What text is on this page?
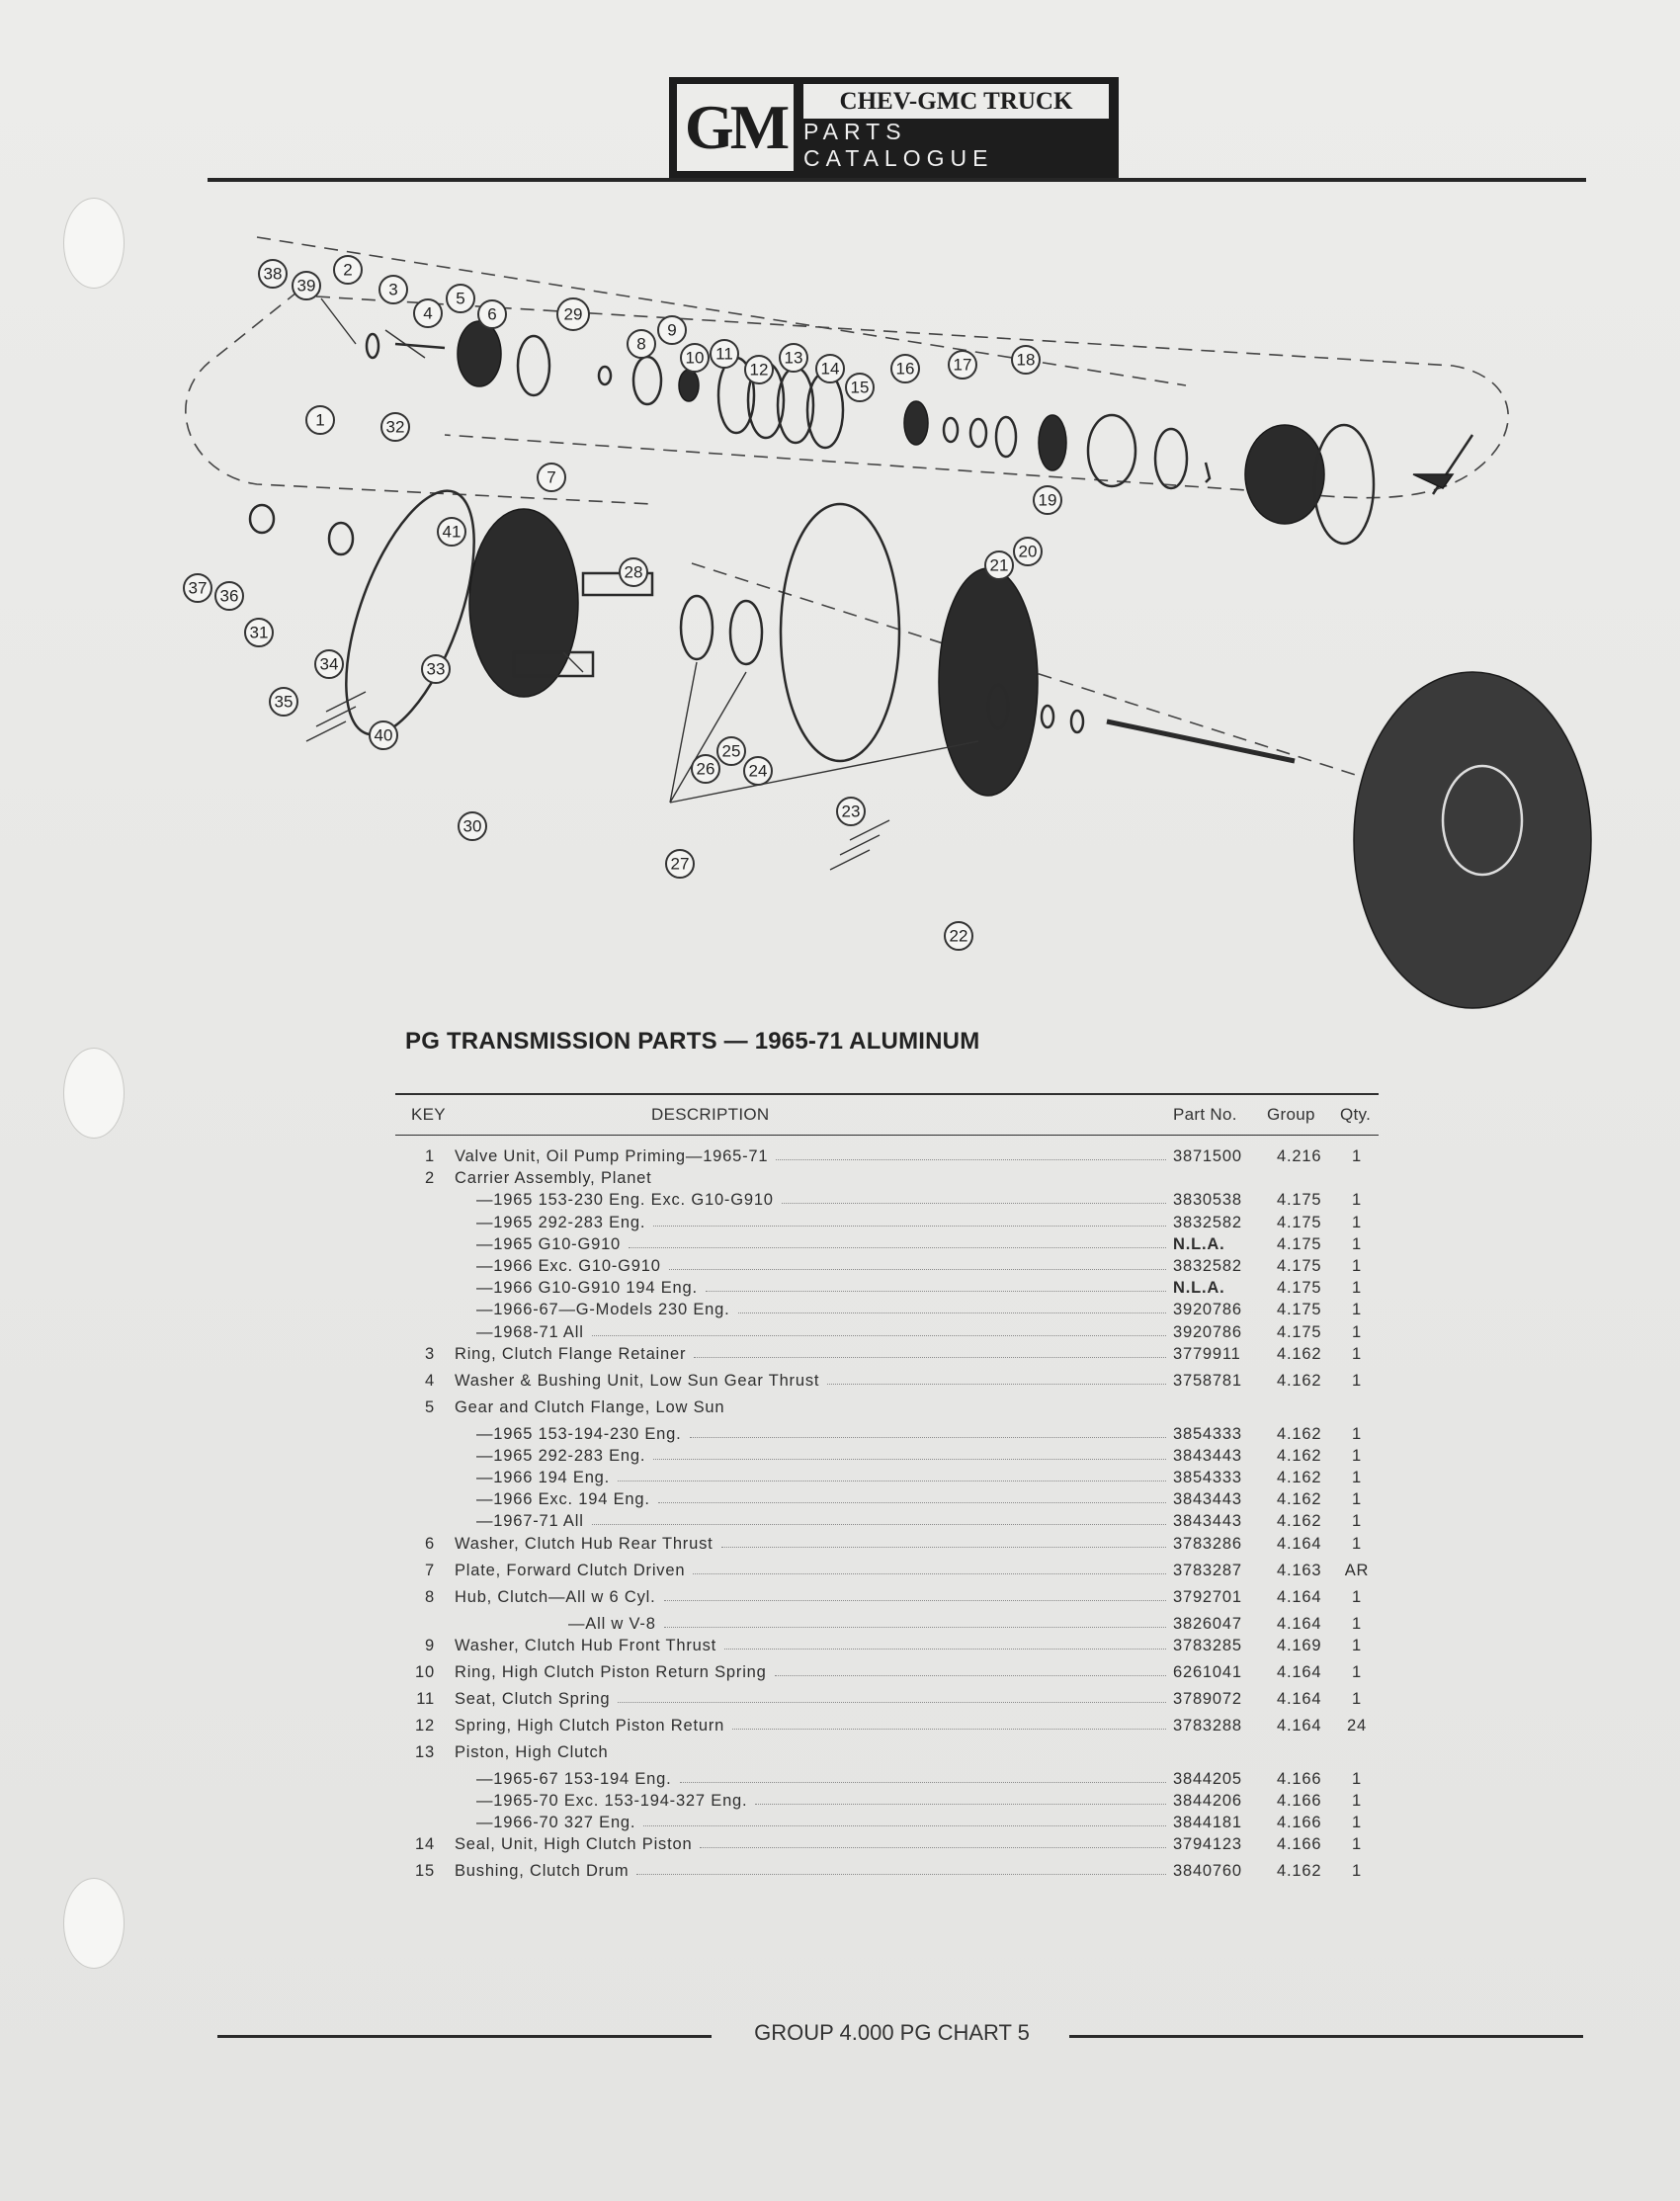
GM	CHEV-GMC TRUCK
PARTS CATALOGUE
38
39
2
3
4
5
6	29
8
9
10 11
12
13
14
15
16 17	18
1	32
7
19
20
21
41
28
37 36
31
34	33
35
40
26
25
24
23
30
27
22
PG TRANSMISSION PARTS — 1965-71 ALUMINUM
KEY	DESCRIPTION	Part No. Group Qty.
1 Valve Unit, Oil Pump Priming—1965-71	3871500	4.216	1
2 Carrier Assembly, Planet
—1965 153-230 Eng. Exc. G10-G910	3830538	4.175	1
—1965 292-283 Eng.	3832582	4.175	1
—1965 G10-G910	N.L.A.	4.175	1
—1966 Exc. G10-G910	3832582	4.175	1
—1966 G10-G910 194 Eng.	N.L.A.	4.175	1
—1966-67—G-Models 230 Eng.	3920786	4.175	1
—1968-71 All	3920786	4.175	1
3 Ring, Clutch Flange Retainer	3779911	4.162	1
4 Washer & Bushing Unit, Low Sun Gear Thrust	3758781	4.162	1
5 Gear and Clutch Flange, Low Sun
—1965 153-194-230 Eng.	3854333	4.162	1
—1965 292-283 Eng.	3843443	4.162	1
—1966 194 Eng.	3854333	4.162	1
—1966 Exc. 194 Eng.	3843443	4.162	1
—1967-71 All	3843443	4.162	1
6 Washer, Clutch Hub Rear Thrust	3783286	4.164	1
7 Plate, Forward Clutch Driven	3783287	4.163	AR
8 Hub, Clutch—All w 6 Cyl.	3792701	4.164	1
—All w V-8	3826047	4.164	1
9 Washer, Clutch Hub Front Thrust	3783285	4.169	1
10 Ring, High Clutch Piston Return Spring	6261041	4.164	1
11 Seat, Clutch Spring	3789072	4.164	1
12 Spring, High Clutch Piston Return	3783288	4.164	24
13 Piston, High Clutch
—1965-67 153-194 Eng.	3844205	4.166	1
—1965-70 Exc. 153-194-327 Eng.	3844206	4.166	1
—1966-70 327 Eng.	3844181	4.166	1
14 Seal, Unit, High Clutch Piston	3794123	4.166	1
15 Bushing, Clutch Drum	3840760	4.162	1
GROUP 4.000 PG CHART 5
